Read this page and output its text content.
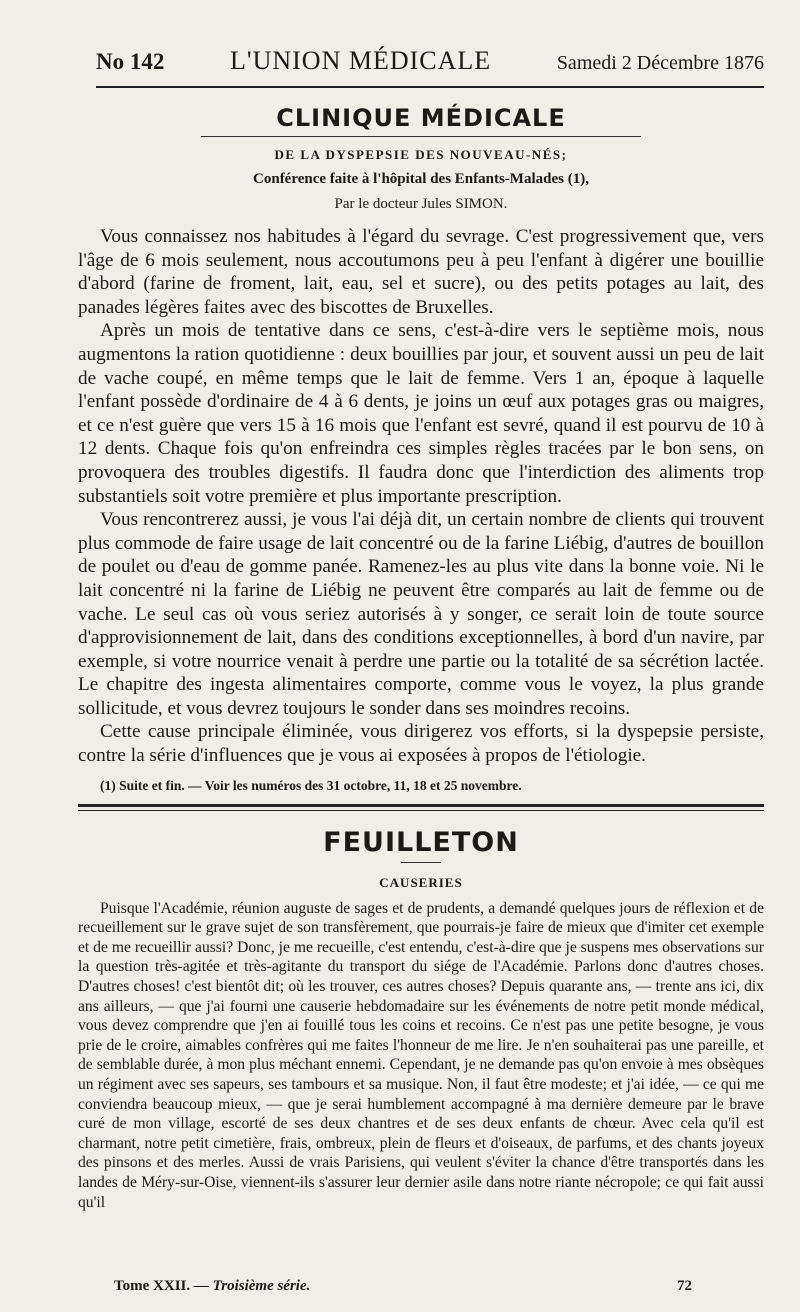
No 142	L'UNION MÉDICALE	Samedi 2 Décembre 1876
CLINIQUE MÉDICALE
DE LA DYSPEPSIE DES NOUVEAU-NÉS;
Conférence faite à l'hôpital des Enfants-Malades (1),
Par le docteur Jules SIMON.

Vous connaissez nos habitudes à l'égard du sevrage. C'est progressivement que, vers l'âge de 6 mois seulement, nous accoutumons peu à peu l'enfant à digérer une bouillie d'abord (farine de froment, lait, eau, sel et sucre), ou des petits potages au lait, des panades légères faites avec des biscottes de Bruxelles.

Après un mois de tentative dans ce sens, c'est-à-dire vers le septième mois, nous augmentons la ration quotidienne : deux bouillies par jour, et souvent aussi un peu de lait de vache coupé, en même temps que le lait de femme. Vers 1 an, époque à laquelle l'enfant possède d'ordinaire de 4 à 6 dents, je joins un œuf aux potages gras ou maigres, et ce n'est guère que vers 15 à 16 mois que l'enfant est sevré, quand il est pourvu de 10 à 12 dents. Chaque fois qu'on enfreindra ces simples règles tracées par le bon sens, on provoquera des troubles digestifs. Il faudra donc que l'interdiction des aliments trop substantiels soit votre première et plus importante prescription.

Vous rencontrerez aussi, je vous l'ai déjà dit, un certain nombre de clients qui trouvent plus commode de faire usage de lait concentré ou de la farine Liébig, d'autres de bouillon de poulet ou d'eau de gomme panée. Ramenez-les au plus vite dans la bonne voie. Ni le lait concentré ni la farine de Liébig ne peuvent être comparés au lait de femme ou de vache. Le seul cas où vous seriez autorisés à y songer, ce serait loin de toute source d'approvisionnement de lait, dans des conditions exceptionnelles, à bord d'un navire, par exemple, si votre nourrice venait à perdre une partie ou la totalité de sa sécrétion lactée. Le chapitre des ingesta alimentaires comporte, comme vous le voyez, la plus grande sollicitude, et vous devrez toujours le sonder dans ses moindres recoins.

Cette cause principale éliminée, vous dirigerez vos efforts, si la dyspepsie persiste, contre la série d'influences que je vous ai exposées à propos de l'étiologie.

(1) Suite et fin. — Voir les numéros des 31 octobre, 11, 18 et 25 novembre.
FEUILLETON
CAUSERIES

Puisque l'Académie, réunion auguste de sages et de prudents, a demandé quelques jours de réflexion et de recueillement sur le grave sujet de son transfèrement, que pourrais-je faire de mieux que d'imiter cet exemple et de me recueillir aussi? Donc, je me recueille, c'est entendu, c'est-à-dire que je suspens mes observations sur la question très-agitée et très-agitante du transport du siége de l'Académie. Parlons donc d'autres choses. D'autres choses! c'est bientôt dit; où les trouver, ces autres choses? Depuis quarante ans, — trente ans ici, dix ans ailleurs, — que j'ai fourni une causerie hebdomadaire sur les événements de notre petit monde médical, vous devez comprendre que j'en ai fouillé tous les coins et recoins. Ce n'est pas une petite besogne, je vous prie de le croire, aimables confrères qui me faites l'honneur de me lire. Je n'en souhaiterai pas une pareille, et de semblable durée, à mon plus méchant ennemi. Cependant, je ne demande pas qu'on envoie à mes obsèques un régiment avec ses sapeurs, ses tambours et sa musique. Non, il faut être modeste; et j'ai idée, — ce qui me conviendra beaucoup mieux, — que je serai humblement accompagné à ma dernière demeure par le brave curé de mon village, escorté de ses deux chantres et de ses deux enfants de chœur. Avec cela qu'il est charmant, notre petit cimetière, frais, ombreux, plein de fleurs et d'oiseaux, de parfums, et des chants joyeux des pinsons et des merles. Aussi de vrais Parisiens, qui veulent s'éviter la chance d'être transportés dans les landes de Méry-sur-Oise, viennent-ils s'assurer leur dernier asile dans notre riante nécropole; ce qui fait aussi qu'il

Tome XXII. — Troisième série.	72
